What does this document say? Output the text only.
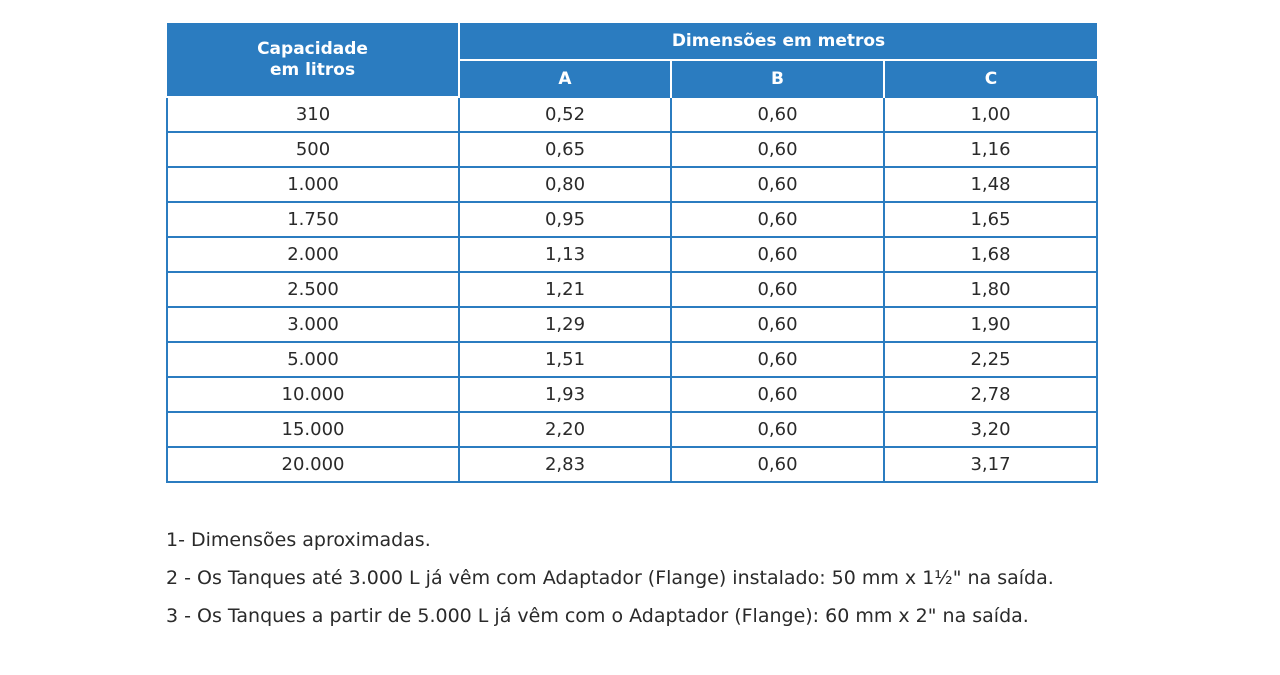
Capacidade
em litros	Dimensões em metros		
	A	B	C
310	0,52	0,60	1,00
500	0,65	0,60	1,16
1.000	0,80	0,60	1,48
1.750	0,95	0,60	1,65
2.000	1,13	0,60	1,68
2.500	1,21	0,60	1,80
3.000	1,29	0,60	1,90
5.000	1,51	0,60	2,25
10.000	1,93	0,60	2,78
15.000	2,20	0,60	3,20
20.000	2,83	0,60	3,17
1- Dimensões aproximadas.
2 - Os Tanques até 3.000 L já vêm com Adaptador (Flange) instalado: 50 mm x 1½" na saída.
3 - Os Tanques a partir de 5.000 L já vêm com o Adaptador (Flange): 60 mm x 2" na saída.
